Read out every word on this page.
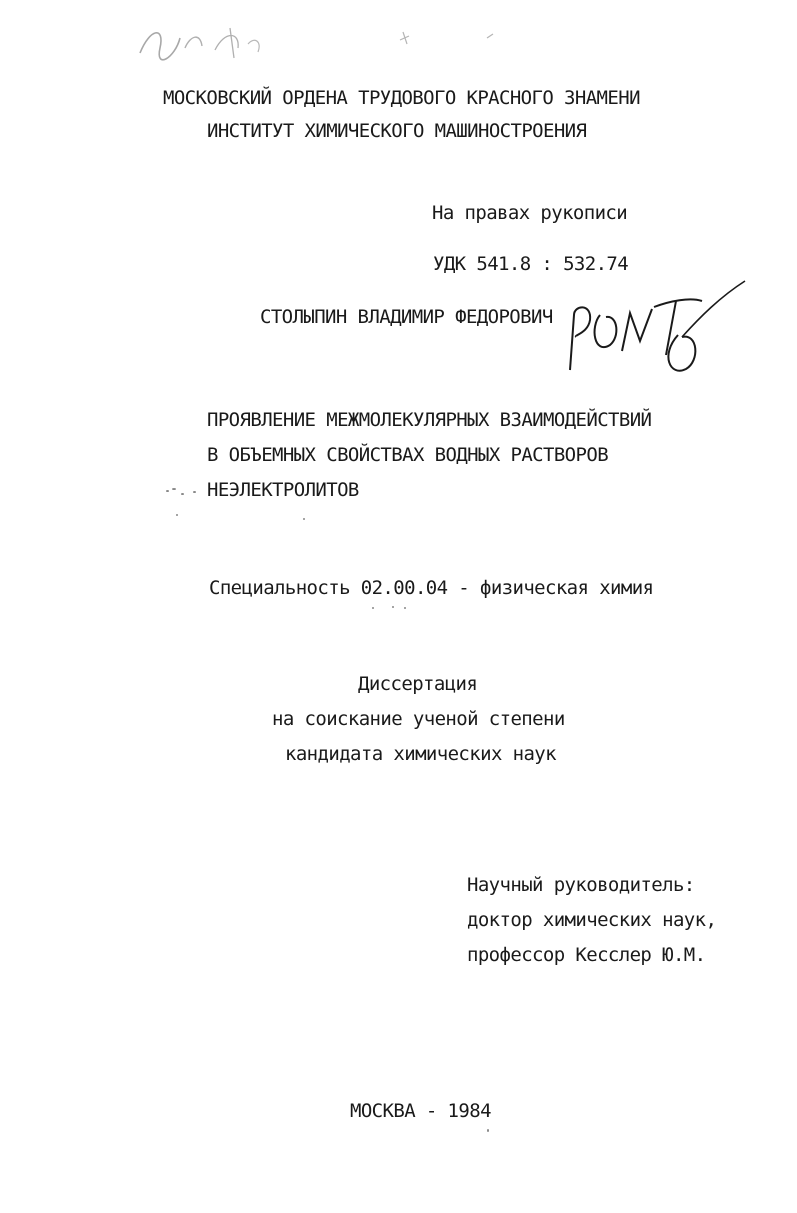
МОСКОВСКИЙ ОРДЕНА ТРУДОВОГО КРАСНОГО ЗНАМЕНИ
ИНСТИТУТ ХИМИЧЕСКОГО МАШИНОСТРОЕНИЯ
На правах рукописи
УДК 541.8 : 532.74
СТОЛЫПИН ВЛАДИМИР ФЕДОРОВИЧ
ПРОЯВЛЕНИЕ МЕЖМОЛЕКУЛЯРНЫХ ВЗАИМОДЕЙСТВИЙ
В ОБЪЕМНЫХ СВОЙСТВАХ ВОДНЫХ РАСТВОРОВ
НЕЭЛЕКТРОЛИТОВ
Специальность 02.00.04 - физическая химия
Диссертация
на соискание ученой степени
кандидата химических наук
Научный руководитель:
доктор химических наук,
профессор Кесслер Ю.М.
МОСКВА - 1984
